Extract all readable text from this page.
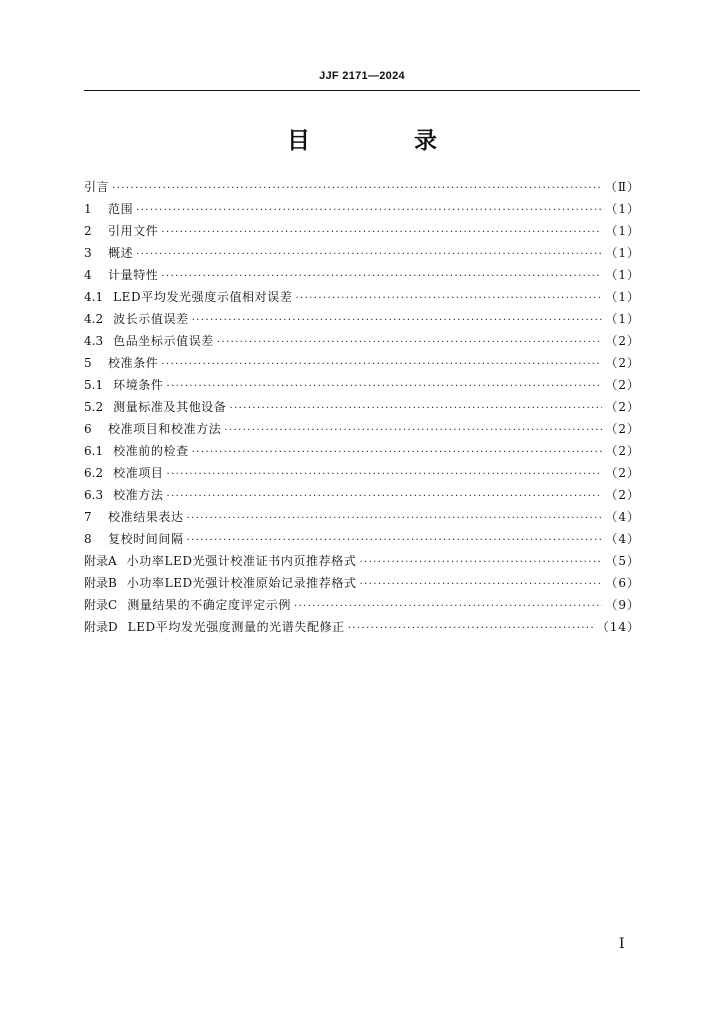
JJF 2171—2024
目 录
引言 ·····	（Ⅱ）
1	范围 ·····	（1）
2	引用文件 ·····	（1）
3	概述 ·····	（1）
4	计量特性 ·····	（1）
4.1 LED平均发光强度示值相对误差 ·····	（1）
4.2 波长示值误差 ·····	（1）
4.3 色品坐标示值误差 ·····	（2）
5	校准条件 ·····	（2）
5.1 环境条件 ·····	（2）
5.2 测量标准及其他设备 ·····	（2）
6	校准项目和校准方法 ·····	（2）
6.1 校准前的检查 ·····	（2）
6.2 校准项目 ·····	（2）
6.3 校准方法 ·····	（2）
7	校准结果表达 ·····	（4）
8	复校时间间隔 ·····	（4）
附录A 小功率LED光强计校准证书内页推荐格式 ·····	（5）
附录B 小功率LED光强计校准原始记录推荐格式 ·····	（6）
附录C 测量结果的不确定度评定示例 ·····	（9）
附录D LED平均发光强度测量的光谱失配修正 ·····	（14）
I
